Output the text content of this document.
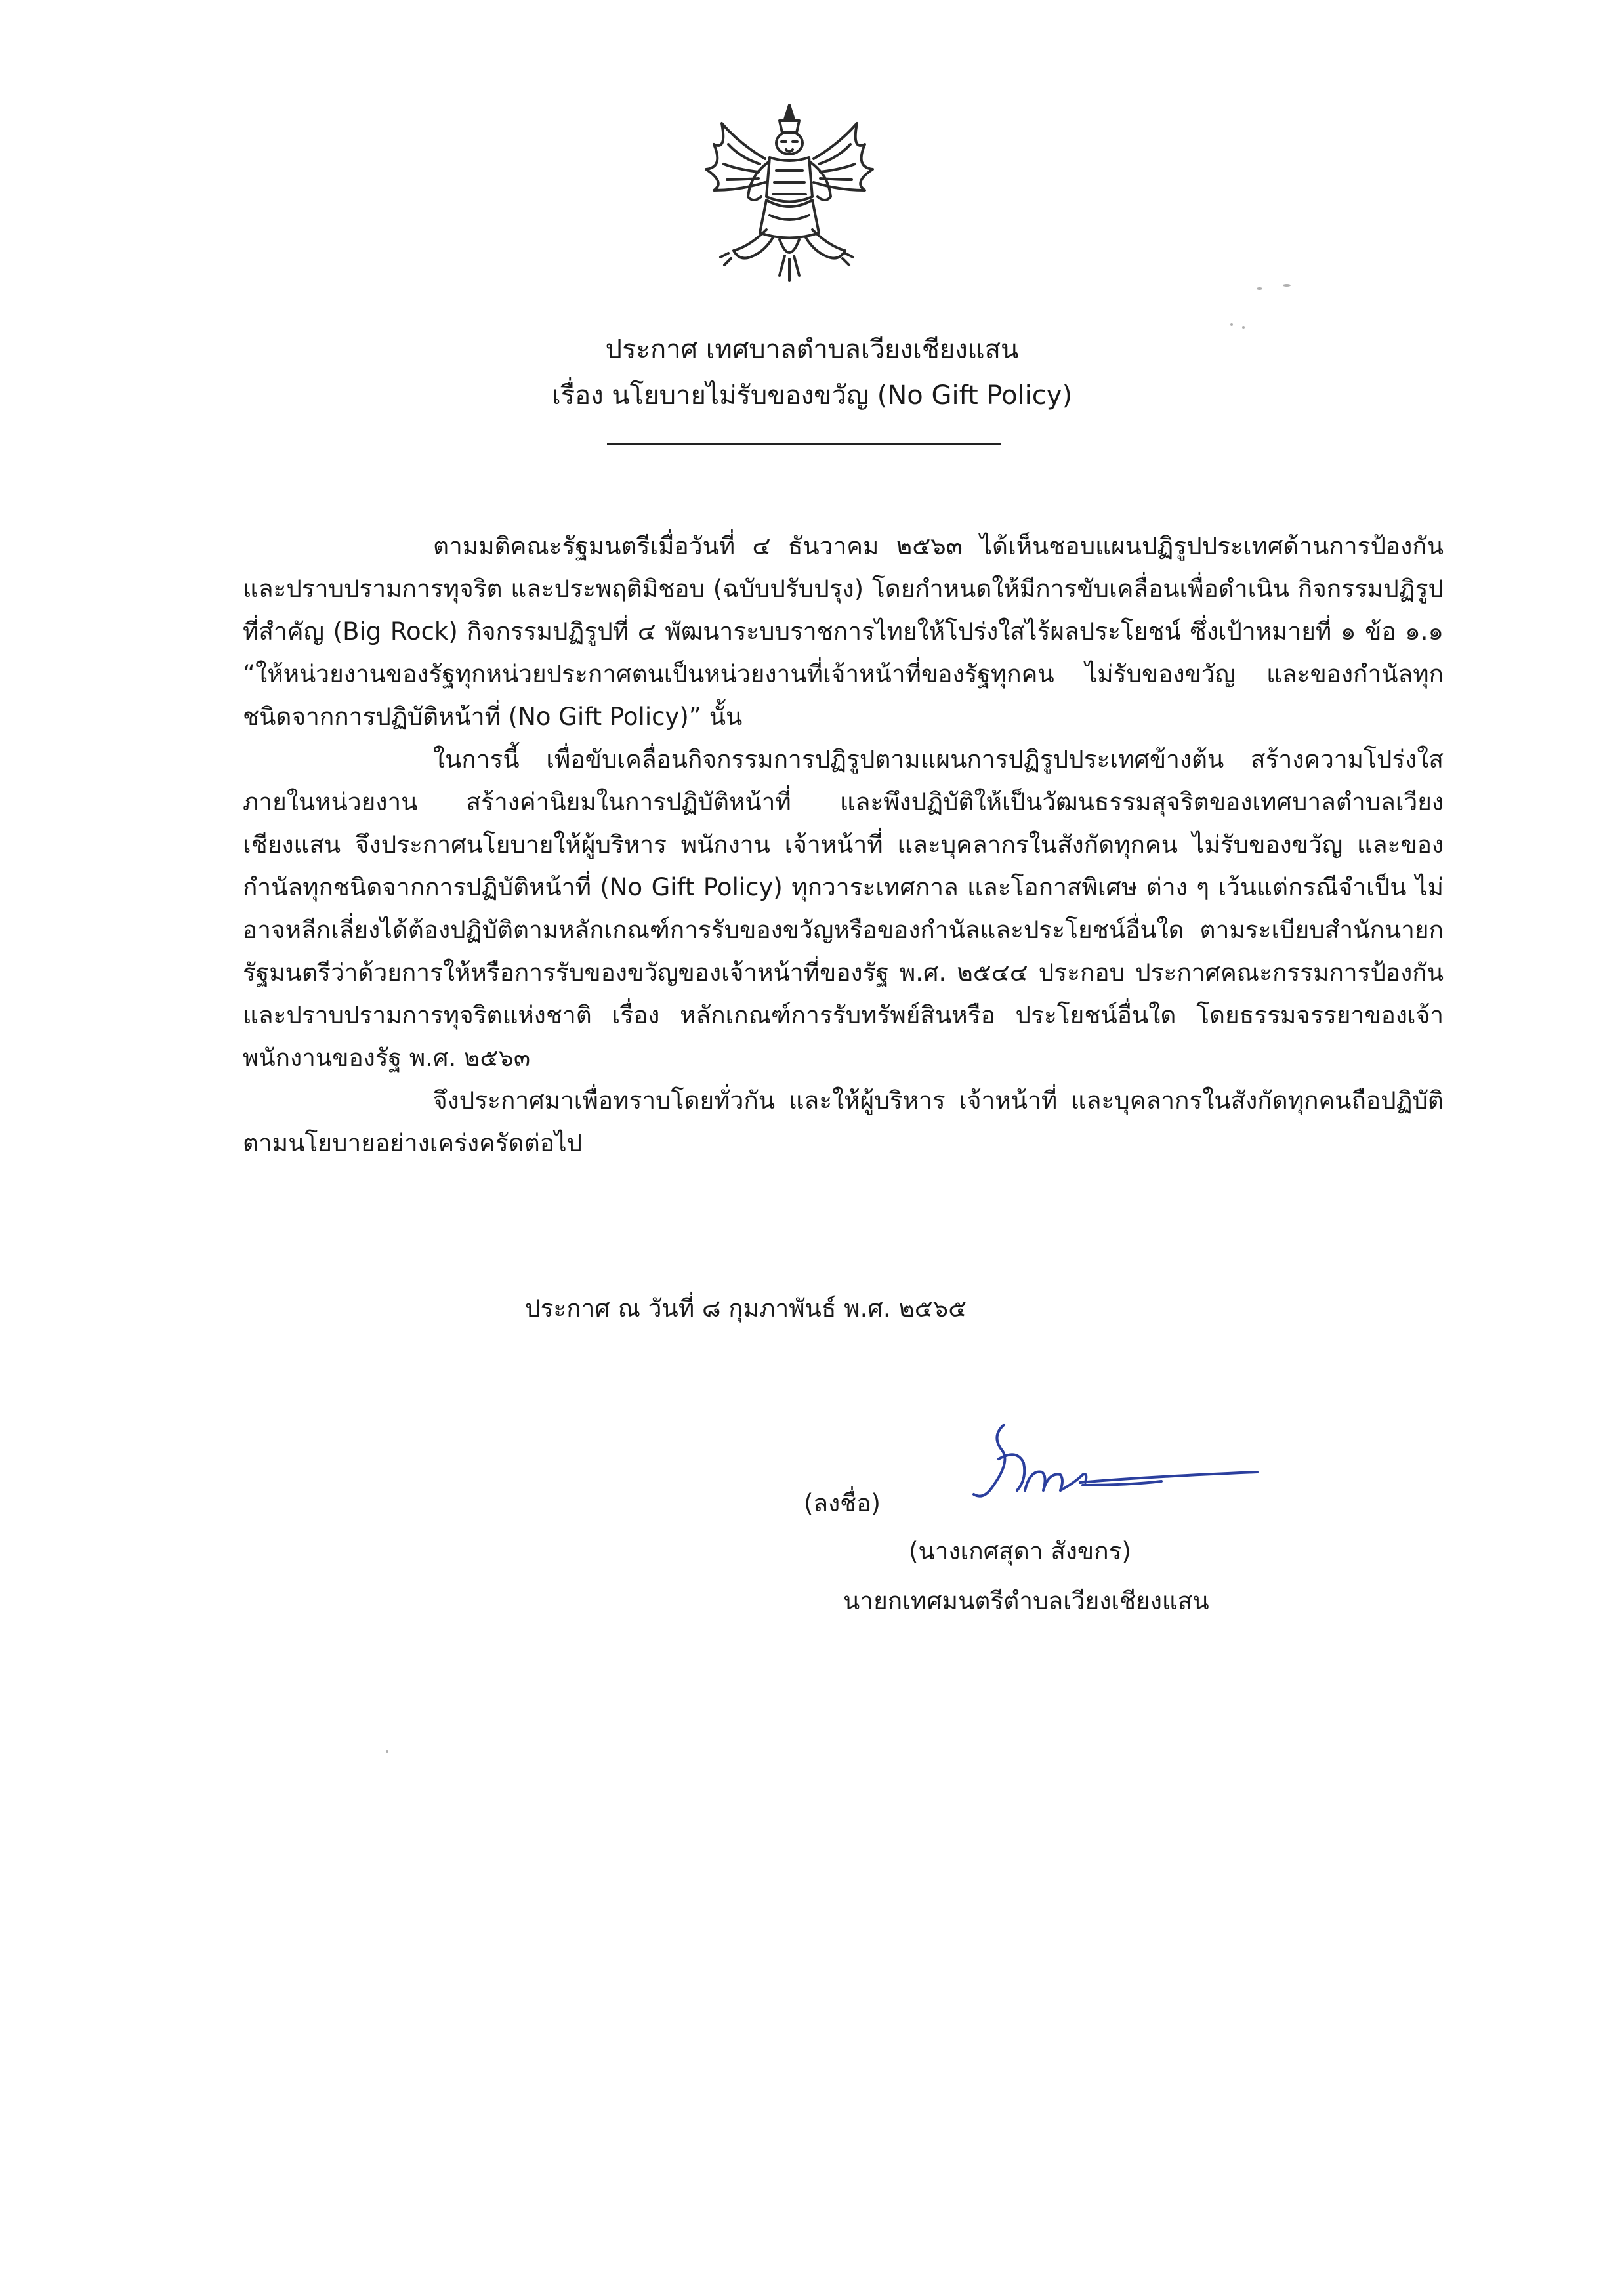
ประกาศ เทศบาลตำบลเวียงเชียงแสน
เรื่อง นโยบายไม่รับของขวัญ (No Gift Policy)

ตามมติคณะรัฐมนตรีเมื่อวันที่ ๔ ธันวาคม ๒๕๖๓ ได้เห็นชอบแผนปฏิรูปประเทศด้านการป้องกัน และปราบปรามการทุจริต และประพฤติมิชอบ (ฉบับปรับปรุง) โดยกำหนดให้มีการขับเคลื่อนเพื่อดำเนิน กิจกรรมปฏิรูปที่สำคัญ (Big Rock) กิจกรรมปฏิรูปที่ ๔ พัฒนาระบบราชการไทยให้โปร่งใสไร้ผลประโยชน์ ซึ่งเป้าหมายที่ ๑ ข้อ ๑.๑ “ให้หน่วยงานของรัฐทุกหน่วยประกาศตนเป็นหน่วยงานที่เจ้าหน้าที่ของรัฐทุกคน ไม่รับของขวัญ และของกำนัลทุกชนิดจากการปฏิบัติหน้าที่ (No Gift Policy)” นั้น

ในการนี้ เพื่อขับเคลื่อนกิจกรรมการปฏิรูปตามแผนการปฏิรูปประเทศข้างต้น สร้างความโปร่งใส ภายในหน่วยงาน สร้างค่านิยมในการปฏิบัติหน้าที่ และพึงปฏิบัติให้เป็นวัฒนธรรมสุจริตของเทศบาลตำบลเวียงเชียงแสน จึงประกาศนโยบายให้ผู้บริหาร พนักงาน เจ้าหน้าที่ และบุคลากรในสังกัดทุกคน ไม่รับของขวัญ และของกำนัลทุกชนิดจากการปฏิบัติหน้าที่ (No Gift Policy) ทุกวาระเทศกาล และโอกาสพิเศษ ต่าง ๆ เว้นแต่กรณีจำเป็น ไม่อาจหลีกเลี่ยงได้ต้องปฏิบัติตามหลักเกณฑ์การรับของขวัญหรือของกำนัลและประโยชน์อื่นใด ตามระเบียบสำนักนายกรัฐมนตรีว่าด้วยการให้หรือการรับของขวัญของเจ้าหน้าที่ของรัฐ พ.ศ. ๒๕๔๔ ประกอบ ประกาศคณะกรรมการป้องกันและปราบปรามการทุจริตแห่งชาติ เรื่อง หลักเกณฑ์การรับทรัพย์สินหรือ ประโยชน์อื่นใด โดยธรรมจรรยาของเจ้าพนักงานของรัฐ พ.ศ. ๒๕๖๓

จึงประกาศมาเพื่อทราบโดยทั่วกัน และให้ผู้บริหาร เจ้าหน้าที่ และบุคลากรในสังกัดทุกคนถือปฏิบัติตามนโยบายอย่างเคร่งครัดต่อไป

ประกาศ ณ วันที่ ๘ กุมภาพันธ์ พ.ศ. ๒๕๖๕
(ลงชื่อ)
(นางเกศสุดา สังขกร)
นายกเทศมนตรีตำบลเวียงเชียงแสน
